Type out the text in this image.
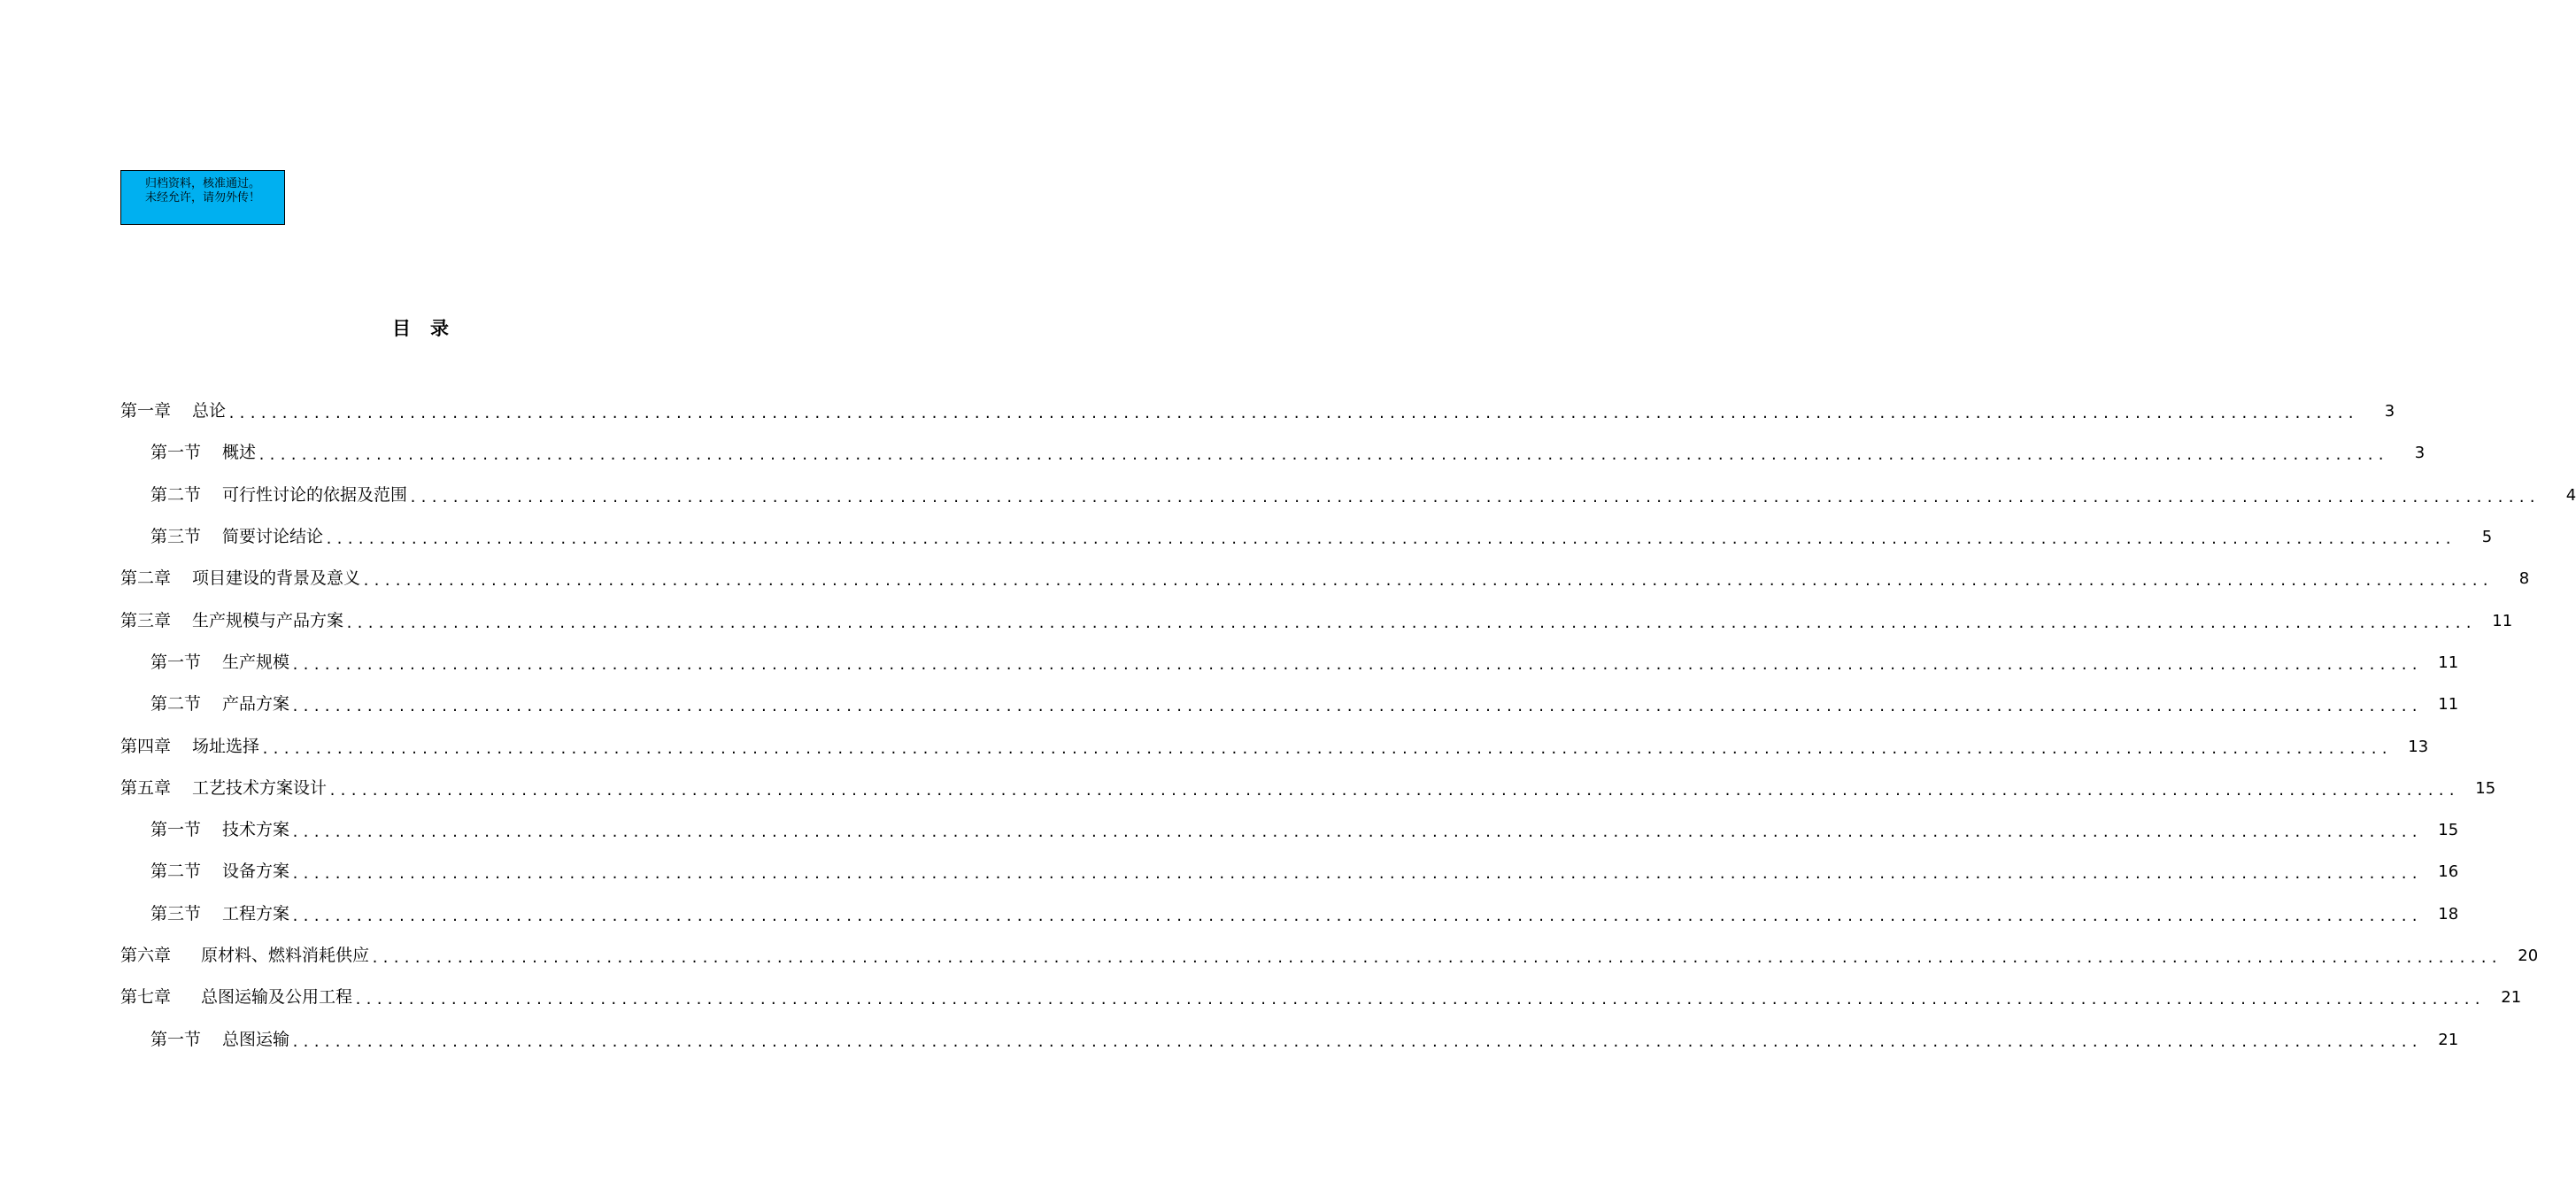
归档资料，核准通过。
未经允许，请勿外传！
目 录
第一章 总论 ........................................................................................................................................................................................................	3
第一节 概述 ........................................................................................................................................................................................................	3
第二节 可行性讨论的依据及范围 ........................................................................................................................................................................................................	4
第三节 简要讨论结论 ........................................................................................................................................................................................................	5
第二章 项目建设的背景及意义 ........................................................................................................................................................................................................	8
第三章 生产规模与产品方案 ........................................................................................................................................................................................................	11
第一节 生产规模 ........................................................................................................................................................................................................	11
第二节 产品方案 ........................................................................................................................................................................................................	11
第四章 场址选择 ........................................................................................................................................................................................................	13
第五章 工艺技术方案设计 ........................................................................................................................................................................................................	15
第一节 技术方案 ........................................................................................................................................................................................................	15
第二节 设备方案 ........................................................................................................................................................................................................	16
第三节 工程方案 ........................................................................................................................................................................................................	18
第六章 原材料、燃料消耗供应 ........................................................................................................................................................................................................	20
第七章 总图运输及公用工程 ........................................................................................................................................................................................................	21
第一节 总图运输 ........................................................................................................................................................................................................	21
